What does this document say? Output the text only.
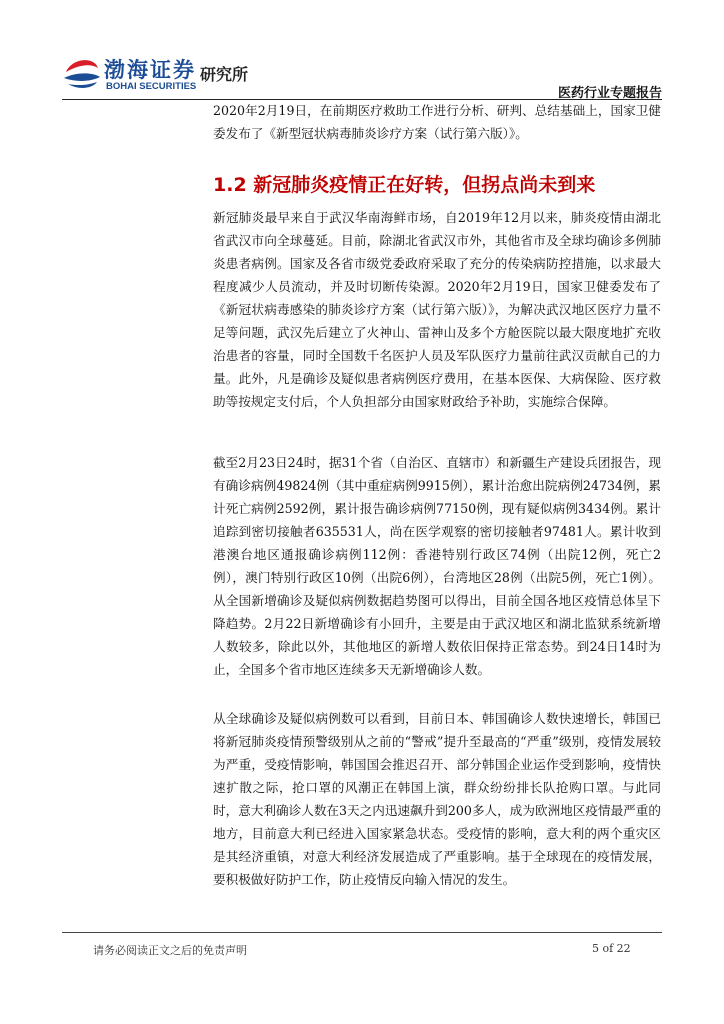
渤海证券
BOHAI SECURITIES
研究所
医药行业专题报告

2020年2月19日，在前期医疗救助工作进行分析、研判、总结基础上，国家卫健委发布了《新型冠状病毒肺炎诊疗方案（试行第六版）》。

1.2 新冠肺炎疫情正在好转，但拐点尚未到来

新冠肺炎最早来自于武汉华南海鲜市场，自2019年12月以来，肺炎疫情由湖北省武汉市向全球蔓延。目前，除湖北省武汉市外，其他省市及全球均确诊多例肺炎患者病例。国家及各省市级党委政府采取了充分的传染病防控措施，以求最大程度减少人员流动，并及时切断传染源。2020年2月19日，国家卫健委发布了《新冠状病毒感染的肺炎诊疗方案（试行第六版）》，为解决武汉地区医疗力量不足等问题，武汉先后建立了火神山、雷神山及多个方舱医院以最大限度地扩充收治患者的容量，同时全国数千名医护人员及军队医疗力量前往武汉贡献自己的力量。此外，凡是确诊及疑似患者病例医疗费用，在基本医保、大病保险、医疗救助等按规定支付后，个人负担部分由国家财政给予补助，实施综合保障。

截至2月23日24时，据31个省（自治区、直辖市）和新疆生产建设兵团报告，现有确诊病例49824例（其中重症病例9915例），累计治愈出院病例24734例，累计死亡病例2592例，累计报告确诊病例77150例，现有疑似病例3434例。累计追踪到密切接触者635531人，尚在医学观察的密切接触者97481人。累计收到港澳台地区通报确诊病例112例：香港特别行政区74例（出院12例，死亡2例），澳门特别行政区10例（出院6例），台湾地区28例（出院5例，死亡1例）。从全国新增确诊及疑似病例数据趋势图可以得出，目前全国各地区疫情总体呈下降趋势。2月22日新增确诊有小回升，主要是由于武汉地区和湖北监狱系统新增人数较多，除此以外，其他地区的新增人数依旧保持正常态势。到24日14时为止，全国多个省市地区连续多天无新增确诊人数。

从全球确诊及疑似病例数可以看到，目前日本、韩国确诊人数快速增长，韩国已将新冠肺炎疫情预警级别从之前的“警戒”提升至最高的“严重”级别，疫情发展较为严重，受疫情影响，韩国国会推迟召开、部分韩国企业运作受到影响，疫情快速扩散之际，抢口罩的风潮正在韩国上演，群众纷纷排长队抢购口罩。与此同时，意大利确诊人数在3天之内迅速飙升到200多人，成为欧洲地区疫情最严重的地方，目前意大利已经进入国家紧急状态。受疫情的影响，意大利的两个重灾区是其经济重镇，对意大利经济发展造成了严重影响。基于全球现在的疫情发展，要积极做好防护工作，防止疫情反向输入情况的发生。

请务必阅读正文之后的免责声明	5 of 22
